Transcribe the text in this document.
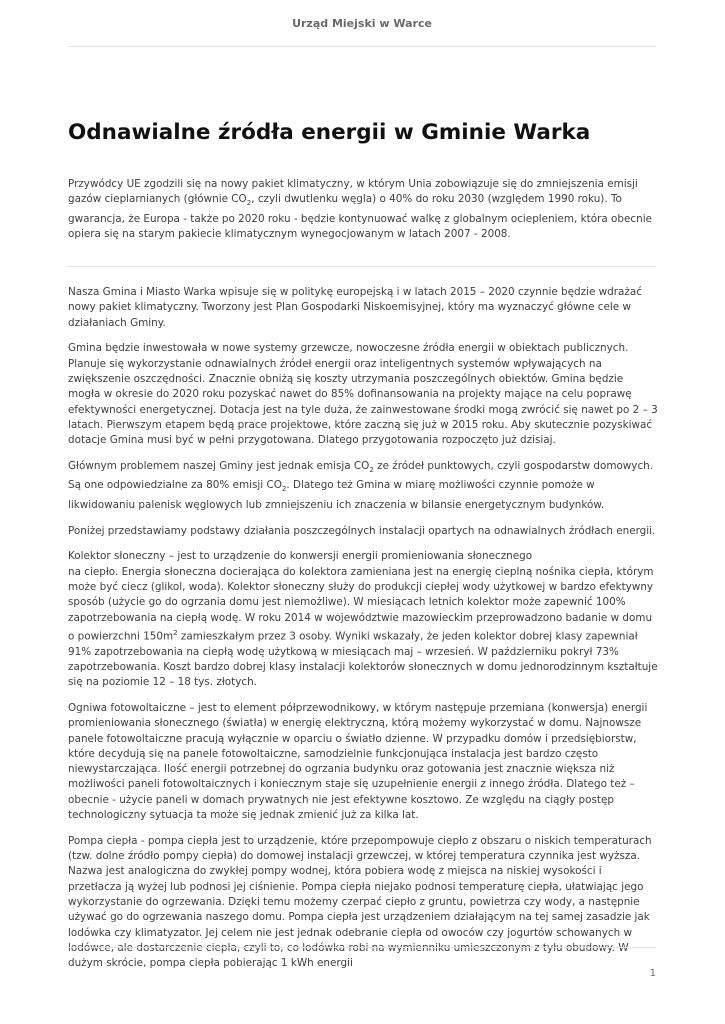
Urząd Miejski w Warce
Odnawialne źródła energii w Gminie Warka

Przywódcy UE zgodzili się na nowy pakiet klimatyczny, w którym Unia zobowiązuje się do zmniejszenia emisji gazów cieplarnianych (głównie $CO_2$, czyli dwutlenku węgla) o 40% do roku 2030 (względem 1990 roku). To gwarancja, że Europa - także po 2020 roku - będzie kontynuować walkę z globalnym ociepleniem, która obecnie opiera się na starym pakiecie klimatycznym wynegocjowanym w latach 2007 - 2008.

Nasza Gmina i Miasto Warka wpisuje się w politykę europejską i w latach 2015 – 2020 czynnie będzie wdrażać nowy pakiet klimatyczny. Tworzony jest Plan Gospodarki Niskoemisyjnej, który ma wyznaczyć główne cele w działaniach Gminy.

Gmina będzie inwestowała w nowe systemy grzewcze, nowoczesne źródła energii w obiektach publicznych. Planuje się wykorzystanie odnawialnych źródeł energii oraz inteligentnych systemów wpływających na zwiększenie oszczędności. Znacznie obniżą się koszty utrzymania poszczególnych obiektów. Gmina będzie mogła w okresie do 2020 roku pozyskać nawet do 85% dofinansowania na projekty mające na celu poprawę efektywności energetycznej. Dotacja jest na tyle duża, że zainwestowane środki mogą zwrócić się nawet po 2 – 3 latach. Pierwszym etapem będą prace projektowe, które zaczną się już w 2015 roku. Aby skutecznie pozyskiwać dotacje Gmina musi być w pełni przygotowana. Dlatego przygotowania rozpoczęto już dzisiaj.

Głównym problemem naszej Gminy jest jednak emisja $CO_2$ ze źródeł punktowych, czyli gospodarstw domowych. Są one odpowiedzialne za 80% emisji $CO_2$. Dlatego też Gmina w miarę możliwości czynnie pomoże w likwidowaniu palenisk węglowych lub zmniejszeniu ich znaczenia w bilansie energetycznym budynków.

Poniżej przedstawiamy podstawy działania poszczególnych instalacji opartych na odnawialnych źródłach energii.

Kolektor słoneczny – jest to urządzenie do konwersji energii promieniowania słonecznego
na ciepło. Energia słoneczna docierająca do kolektora zamieniana jest na energię cieplną nośnika ciepła, którym może być ciecz (glikol, woda). Kolektor słoneczny służy do produkcji ciepłej wody użytkowej w bardzo efektywny sposób (użycie go do ogrzania domu jest niemożliwe). W miesiącach letnich kolektor może zapewnić 100% zapotrzebowania na ciepłą wodę. W roku 2014 w województwie mazowieckim przeprowadzono badanie w domu o powierzchni $150m^2$ zamieszkałym przez 3 osoby. Wyniki wskazały, że jeden kolektor dobrej klasy zapewniał 91% zapotrzebowania na ciepłą wodę użytkową w miesiącach maj – wrzesień. W październiku pokrył 73% zapotrzebowania. Koszt bardzo dobrej klasy instalacji kolektorów słonecznych w domu jednorodzinnym kształtuje się na poziomie 12 – 18 tys. złotych.

Ogniwa fotowoltaiczne – jest to element półprzewodnikowy, w którym następuje przemiana (konwersja) energii promieniowania słonecznego (światła) w energię elektryczną, którą możemy wykorzystać w domu. Najnowsze panele fotowoltaiczne pracują wyłącznie w oparciu o światło dzienne. W przypadku domów i przedsiębiorstw, które decydują się na panele fotowoltaiczne, samodzielnie funkcjonująca instalacja jest bardzo często niewystarczająca. Ilość energii potrzebnej do ogrzania budynku oraz gotowania jest znacznie większa niż możliwości paneli fotowoltaicznych i koniecznym staje się uzupełnienie energii z innego źródła. Dlatego też – obecnie - użycie paneli w domach prywatnych nie jest efektywne kosztowo. Ze względu na ciągły postęp technologiczny sytuacja ta może się jednak zmienić już za kilka lat.

Pompa ciepła - pompa ciepła jest to urządzenie, które przepompowuje ciepło z obszaru o niskich temperaturach (tzw. dolne źródło pompy ciepła) do domowej instalacji grzewczej, w której temperatura czynnika jest wyższa. Nazwa jest analogiczna do zwykłej pompy wodnej, która pobiera wodę z miejsca na niskiej wysokości i przetłacza ją wyżej lub podnosi jej ciśnienie. Pompa ciepła niejako podnosi temperaturę ciepła, ułatwiając jego wykorzystanie do ogrzewania. Dzięki temu możemy czerpać ciepło z gruntu, powietrza czy wody, a następnie używać go do ogrzewania naszego domu. Pompa ciepła jest urządzeniem działającym na tej samej zasadzie jak lodówka czy klimatyzator. Jej celem nie jest jednak odebranie ciepła od owoców czy jogurtów schowanych w dużym skrócie, pompa ciepła pobierając 1 kWh energii

1
